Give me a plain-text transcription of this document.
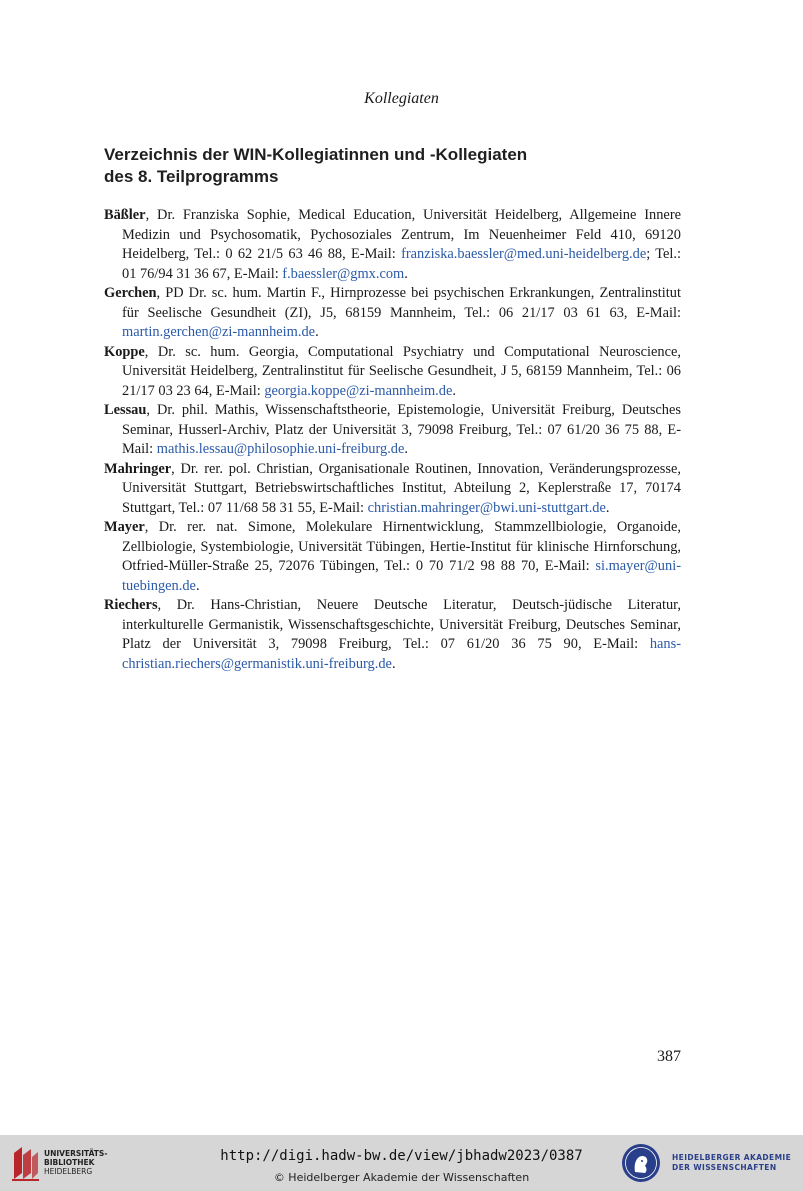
Kollegiaten
Verzeichnis der WIN-Kollegiatinnen und -Kollegiaten
des 8. Teilprogramms

Bäßler, Dr. Franziska Sophie, Medical Education, Universität Heidelberg, Allgemeine Innere Medizin und Psychosomatik, Pychosoziales Zentrum, Im Neuenheimer Feld 410, 69120 Heidelberg, Tel.: 0 62 21/5 63 46 88, E-Mail: franziska.baessler@med.uni-heidelberg.de; Tel.: 01 76/94 31 36 67, E-Mail: f.baessler@gmx.com.

Gerchen, PD Dr. sc. hum. Martin F., Hirnprozesse bei psychischen Erkrankungen, Zentralinstitut für Seelische Gesundheit (ZI), J5, 68159 Mannheim, Tel.: 06 21/17 03 61 63, E-Mail: martin.gerchen@zi-mannheim.de.

Koppe, Dr. sc. hum. Georgia, Computational Psychiatry und Computational Neuroscience, Universität Heidelberg, Zentralinstitut für Seelische Gesundheit, J 5, 68159 Mannheim, Tel.: 06 21/17 03 23 64, E-Mail: georgia.koppe@zi-mannheim.de.

Lessau, Dr. phil. Mathis, Wissenschaftstheorie, Epistemologie, Universität Freiburg, Deutsches Seminar, Husserl-Archiv, Platz der Universität 3, 79098 Freiburg, Tel.: 07 61/20 36 75 88, E-Mail: mathis.lessau@philosophie.uni-freiburg.de.

Mahringer, Dr. rer. pol. Christian, Organisationale Routinen, Innovation, Veränderungsprozesse, Universität Stuttgart, Betriebswirtschaftliches Institut, Abteilung 2, Keplerstraße 17, 70174 Stuttgart, Tel.: 07 11/68 58 31 55, E-Mail: christian.mahringer@bwi.uni-stuttgart.de.

Mayer, Dr. rer. nat. Simone, Molekulare Hirnentwicklung, Stammzellbiologie, Organoide, Zellbiologie, Systembiologie, Universität Tübingen, Hertie-Institut für klinische Hirnforschung, Otfried-Müller-Straße 25, 72076 Tübingen, Tel.: 0 70 71/2 98 88 70, E-Mail: si.mayer@uni-tuebingen.de.

Riechers, Dr. Hans-Christian, Neuere Deutsche Literatur, Deutsch-jüdische Literatur, interkulturelle Germanistik, Wissenschaftsgeschichte, Universität Freiburg, Deutsches Seminar, Platz der Universität 3, 79098 Freiburg, Tel.: 07 61/20 36 75 90, E-Mail: hans-christian.riechers@germanistik.uni-freiburg.de.

387
UNIVERSITÄTS-
BIBLIOTHEK
HEIDELBERG
http://digi.hadw-bw.de/view/jbhadw2023/0387
© Heidelberger Akademie der Wissenschaften
HEIDELBERGER AKADEMIE
DER WISSENSCHAFTEN
